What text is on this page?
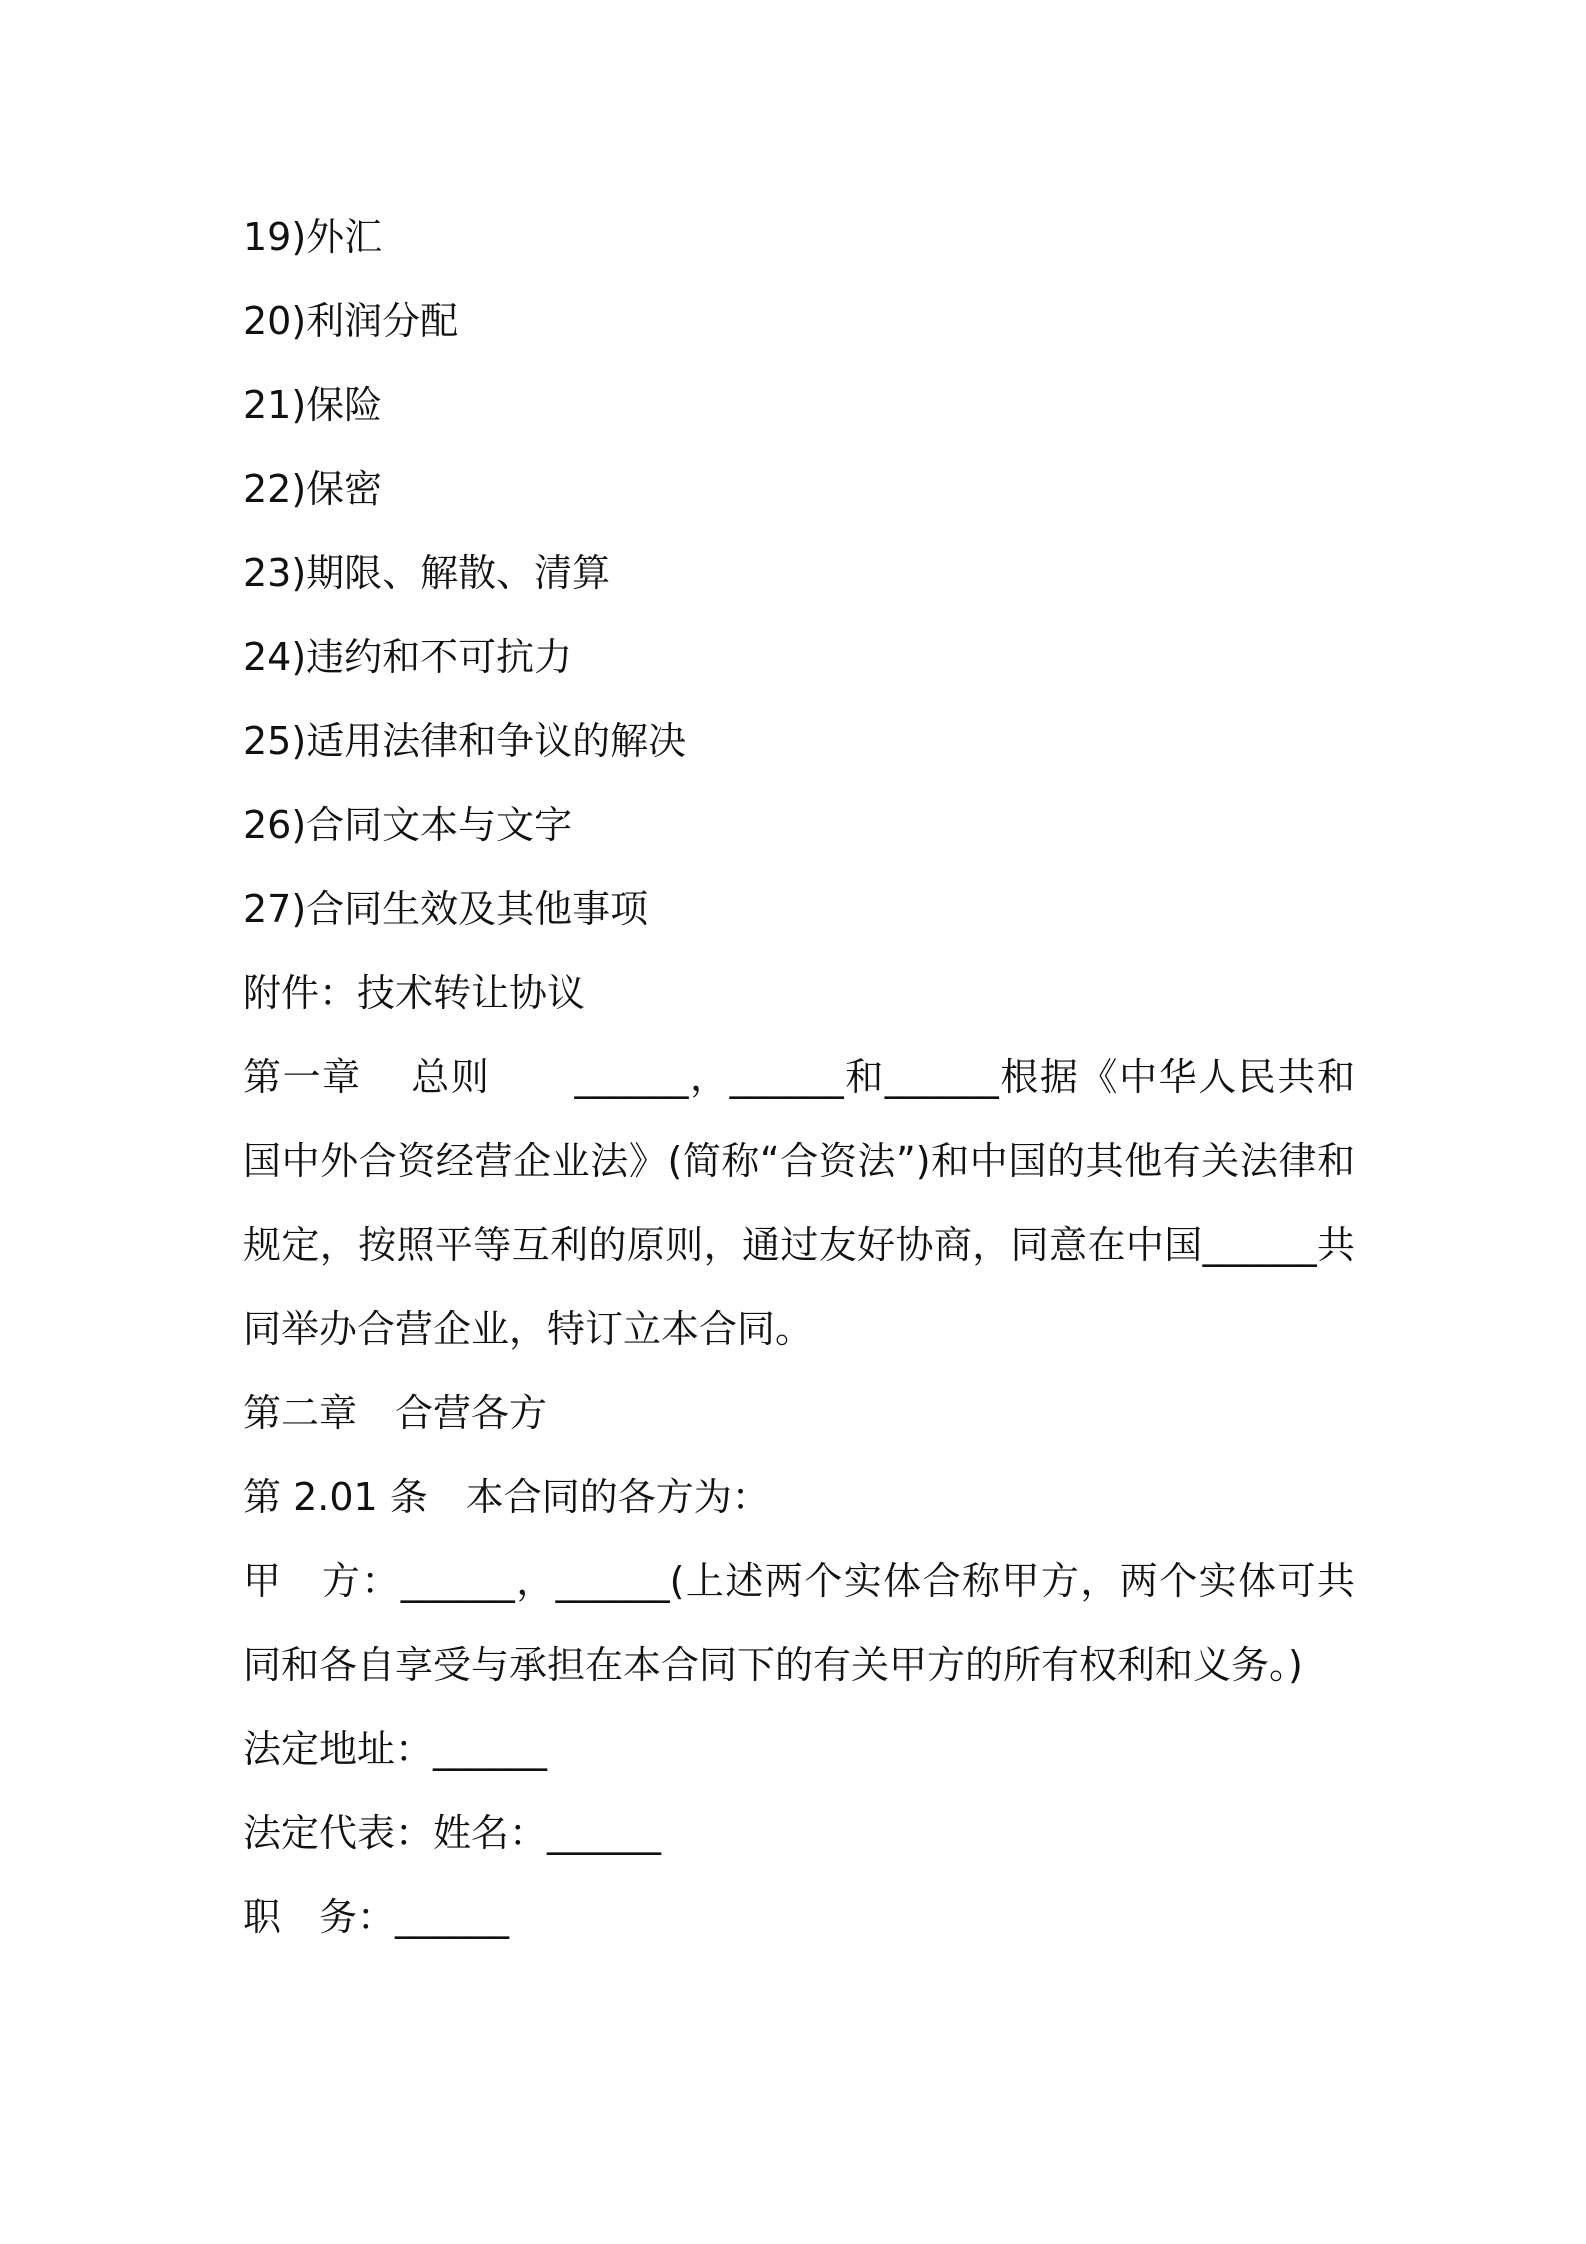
19)外汇

20)利润分配

21)保险

22)保密

23)期限、解散、清算

24)违约和不可抗力

25)适用法律和争议的解决

26)合同文本与文字

27)合同生效及其他事项

附件：技术转让协议

第一章 总则 ______，______和______根据《中华人民共和国中外合资经营企业法》(简称“合资法”)和中国的其他有关法律和规定，按照平等互利的原则，通过友好协商，同意在中国______共同举办合营企业，特订立本合同。

第二章　合营各方

第 2.01 条　本合同的各方为：

甲　方：______，______(上述两个实体合称甲方，两个实体可共同和各自享受与承担在本合同下的有关甲方的所有权利和义务。)

法定地址：______

法定代表：姓名：______

职　务：______
